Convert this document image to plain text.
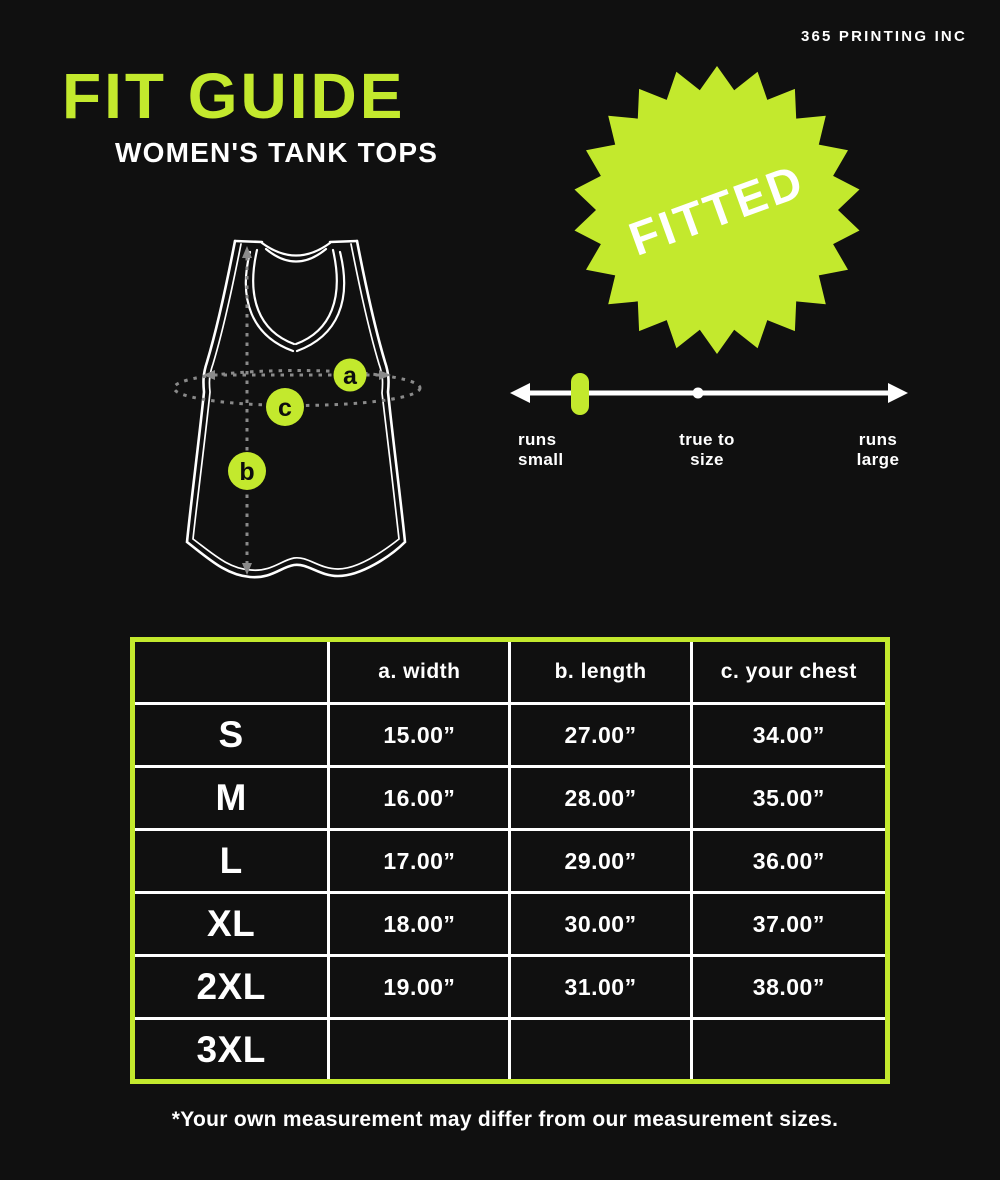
365 PRINTING INC
FIT GUIDE
WOMEN'S TANK TOPS
a
c
b
FITTED
runs
small
true to
size
runs
large
	a. width	b. length	c. your chest
S	15.00”	27.00”	34.00”
M	16.00”	28.00”	35.00”
L	17.00”	29.00”	36.00”
XL	18.00”	30.00”	37.00”
2XL	19.00”	31.00”	38.00”
3XL			
*Your own measurement may differ from our measurement sizes.
